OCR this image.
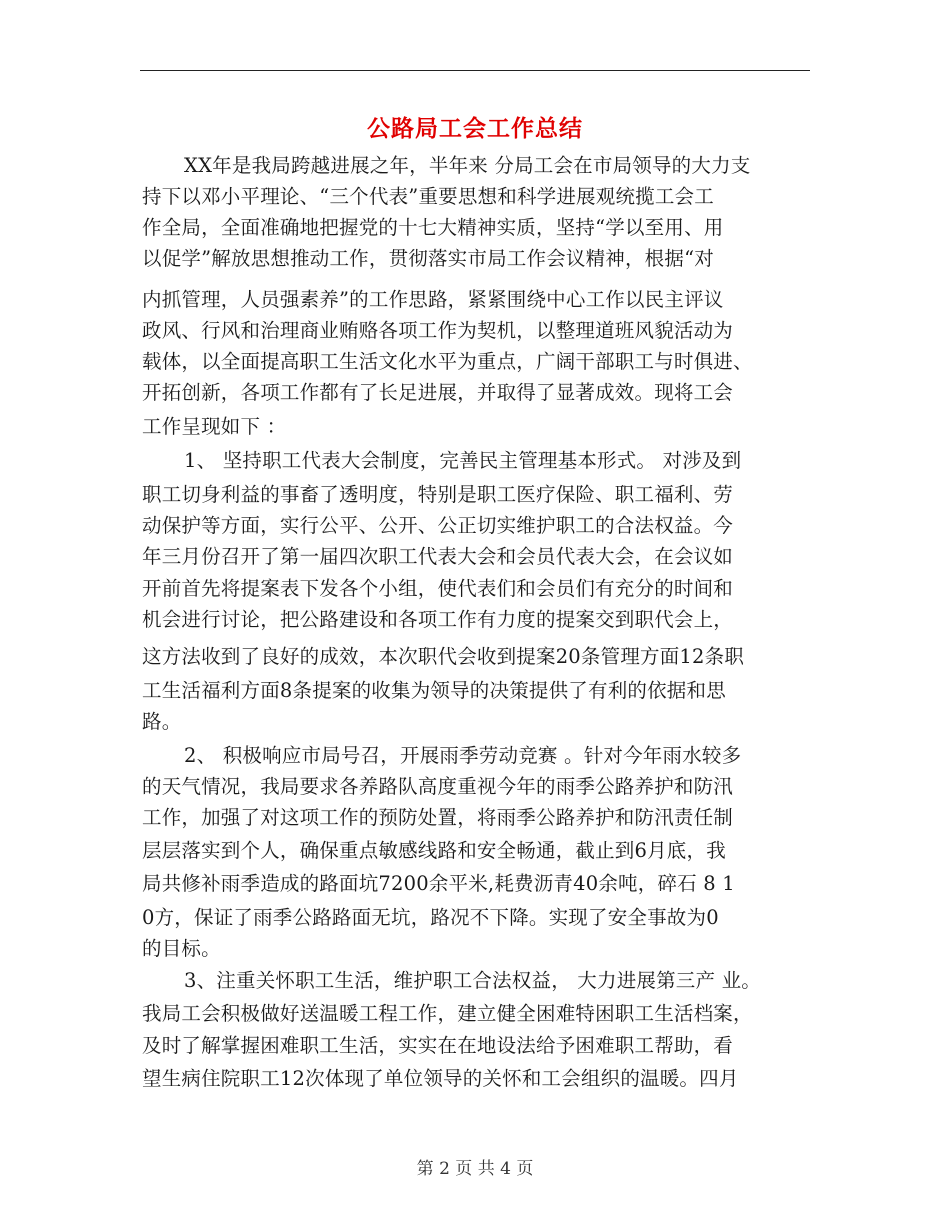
公路局工会工作总结
XX年是我局跨越进展之年，半年来 分局工会在市局领导的大力支
持下以邓小平理论、“三个代表”重要思想和科学进展观统揽工会工
作全局，全面准确地把握党的十七大精神实质，坚持“学以至用、用
以促学”解放思想推动工作，贯彻落实市局工作会议精神，根据“对
内抓管理，人员强素养”的工作思路，紧紧围绕中心工作以民主评议
政风、行风和治理商业贿赂各项工作为契机，以整理道班风貌活动为
载体，以全面提高职工生活文化水平为重点，广阔干部职工与时俱进、
开拓创新，各项工作都有了长足进展，并取得了显著成效。现将工会
工作呈现如下 ：
1、 坚持职工代表大会制度，完善民主管理基本形式。 对涉及到
职工切身利益的事畜了透明度，特别是职工医疗保险、职工福利、劳
动保护等方面，实行公平、公开、公正切实维护职工的合法权益。今
年三月份召开了第一届四次职工代表大会和会员代表大会，在会议如
开前首先将提案表下发各个小组，使代表们和会员们有充分的时间和
机会进行讨论，把公路建设和各项工作有力度的提案交到职代会上，
这方法收到了良好的成效，本次职代会收到提案20条管理方面12条职
工生活福利方面8条提案的收集为领导的决策提供了有利的依据和思
路。
2、 积极响应市局号召，开展雨季劳动竞赛 。针对今年雨水较多
的天气情况，我局要求各养路队高度重视今年的雨季公路养护和防汛
工作，加强了对这项工作的预防处置，将雨季公路养护和防汛责任制
层层落实到个人，确保重点敏感线路和安全畅通，截止到6月底，我
局共修补雨季造成的路面坑7200余平米,耗费沥青40余吨，碎石 8 1
0方，保证了雨季公路路面无坑，路况不下降。实现了安全事故为0
的目标。
3、注重关怀职工生活，维护职工合法权益， 大力进展第三产 业。
我局工会积极做好送温暖工程工作，建立健全困难特困职工生活档案，
及时了解掌握困难职工生活，实实在在地设法给予困难职工帮助，看
望生病住院职工12次体现了单位领导的关怀和工会组织的温暖。四月
第 2 页 共 4 页
